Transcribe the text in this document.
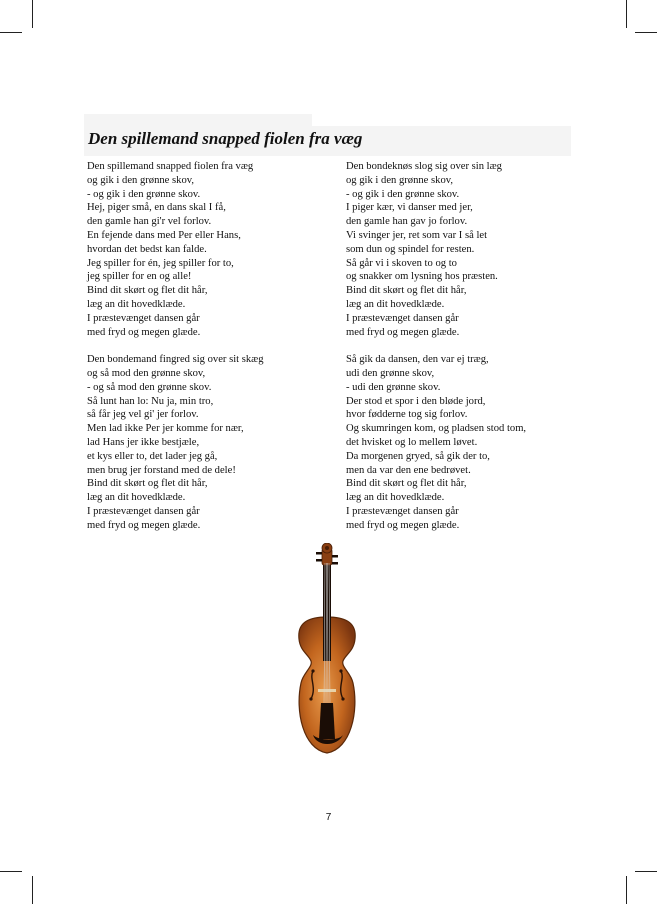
Den spillemand snapped fiolen fra væg
Den spillemand snapped fiolen fra væg
og gik i den grønne skov,
- og gik i den grønne skov.
Hej, piger små, en dans skal I få,
den gamle han gi'r vel forlov.
En fejende dans med Per eller Hans,
hvordan det bedst kan falde.
Jeg spiller for én, jeg spiller for to,
jeg spiller for en og alle!
Bind dit skørt og flet dit hår,
læg an dit hovedklæde.
I præstevænget dansen går
med fryd og megen glæde.
Den bondemand fingred sig over sit skæg
og så mod den grønne skov,
- og så mod den grønne skov.
Så lunt han lo: Nu ja, min tro,
så får jeg vel gi' jer forlov.
Men lad ikke Per jer komme for nær,
lad Hans jer ikke bestjæle,
et kys eller to, det lader jeg gå,
men brug jer forstand med de dele!
Bind dit skørt og flet dit hår,
læg an dit hovedklæde.
I præstevænget dansen går
med fryd og megen glæde.
Den bondeknøs slog sig over sin læg
og gik i den grønne skov,
- og gik i den grønne skov.
I piger kær, vi danser med jer,
den gamle han gav jo forlov.
Vi svinger jer, ret som var I så let
som dun og spindel for resten.
Så går vi i skoven to og to
og snakker om lysning hos præsten.
Bind dit skørt og flet dit hår,
læg an dit hovedklæde.
I præstevænget dansen går
med fryd og megen glæde.
Så gik da dansen, den var ej træg,
udi den grønne skov,
- udi den grønne skov.
Der stod et spor i den bløde jord,
hvor fødderne tog sig forlov.
Og skumringen kom, og pladsen stod tom,
det hvisket og lo mellem løvet.
Da morgenen gryed, så gik der to,
men da var den ene bedrøvet.
Bind dit skørt og flet dit hår,
læg an dit hovedklæde.
I præstevænget dansen går
med fryd og megen glæde.
7
